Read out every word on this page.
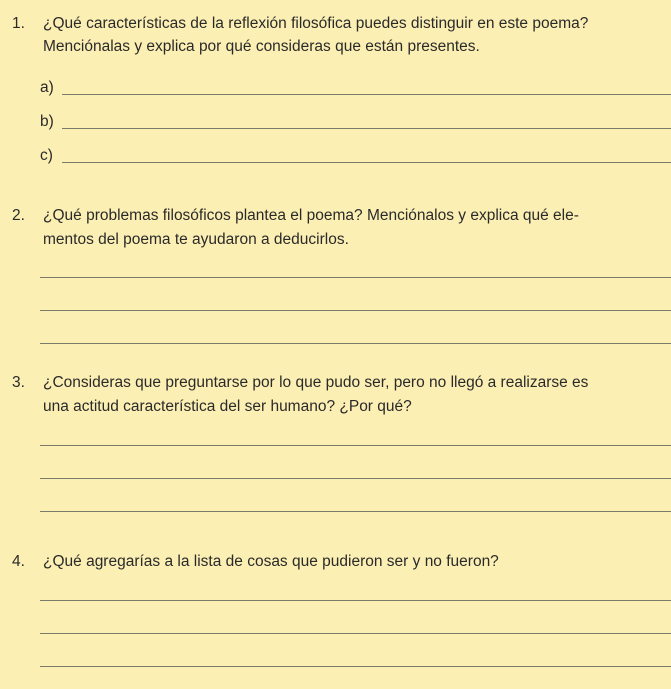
1. ¿Qué características de la reflexión filosófica puedes distinguir en este poema?
Menciónalas y explica por qué consideras que están presentes.
a)
b)
c)
2. ¿Qué problemas filosóficos plantea el poema? Menciónalos y explica qué ele-
mentos del poema te ayudaron a deducirlos.
3. ¿Consideras que preguntarse por lo que pudo ser, pero no llegó a realizarse es
una actitud característica del ser humano? ¿Por qué?
4. ¿Qué agregarías a la lista de cosas que pudieron ser y no fueron?
